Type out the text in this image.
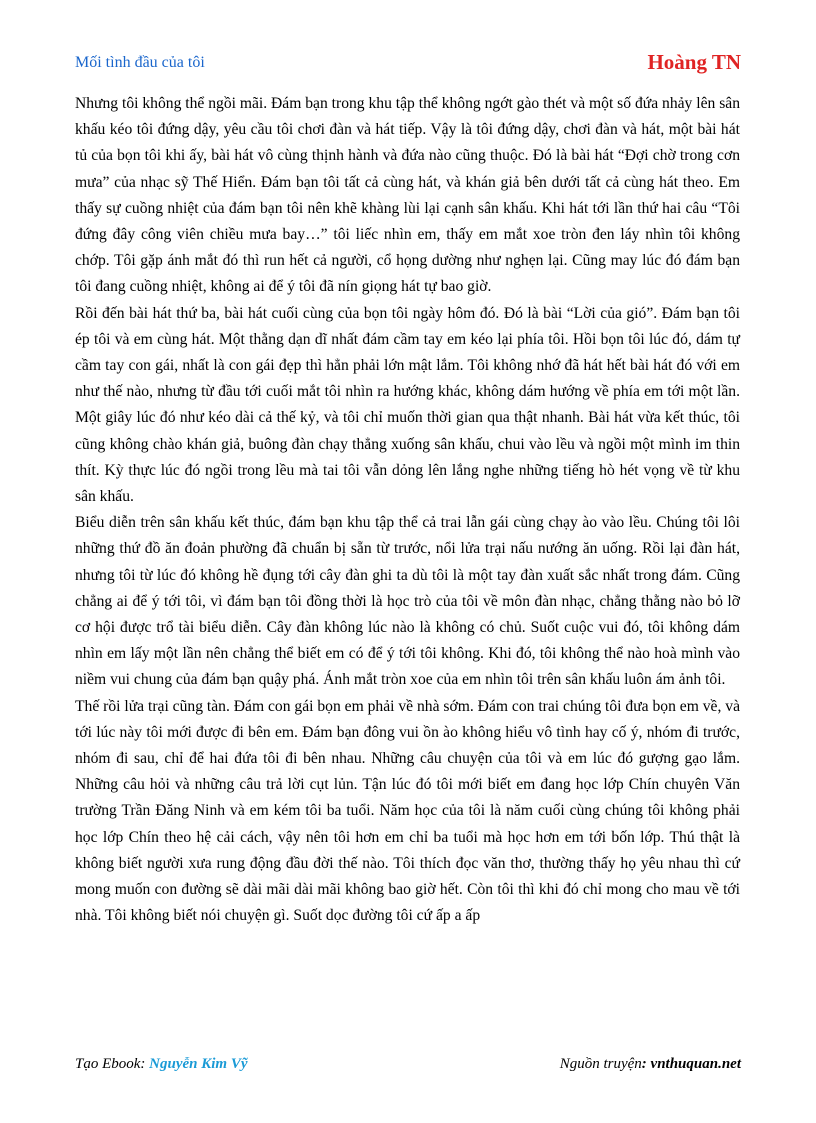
Mối tình đầu của tôi	Hoàng TN

Nhưng tôi không thể ngồi mãi. Đám bạn trong khu tập thể không ngớt gào thét và một số đứa nhảy lên sân khấu kéo tôi đứng dậy, yêu cầu tôi chơi đàn và hát tiếp. Vậy là tôi đứng dậy, chơi đàn và hát, một bài hát tủ của bọn tôi khi ấy, bài hát vô cùng thịnh hành và đứa nào cũng thuộc. Đó là bài hát “Đợi chờ trong cơn mưa” của nhạc sỹ Thế Hiển. Đám bạn tôi tất cả cùng hát, và khán giả bên dưới tất cả cùng hát theo. Em thấy sự cuồng nhiệt của đám bạn tôi nên khẽ khàng lùi lại cạnh sân khấu. Khi hát tới lần thứ hai câu “Tôi đứng đây công viên chiều mưa bay…” tôi liếc nhìn em, thấy em mắt xoe tròn đen láy nhìn tôi không chớp. Tôi gặp ánh mắt đó thì run hết cả người, cổ họng dường như nghẹn lại. Cũng may lúc đó đám bạn tôi đang cuồng nhiệt, không ai để ý tôi đã nín giọng hát tự bao giờ.

Rồi đến bài hát thứ ba, bài hát cuối cùng của bọn tôi ngày hôm đó. Đó là bài “Lời của gió”. Đám bạn tôi ép tôi và em cùng hát. Một thằng dạn dĩ nhất đám cầm tay em kéo lại phía tôi. Hồi bọn tôi lúc đó, dám tự cầm tay con gái, nhất là con gái đẹp thì hẳn phải lớn mật lắm. Tôi không nhớ đã hát hết bài hát đó với em như thế nào, nhưng từ đầu tới cuối mắt tôi nhìn ra hướng khác, không dám hướng về phía em tới một lần. Một giây lúc đó như kéo dài cả thế kỷ, và tôi chỉ muốn thời gian qua thật nhanh. Bài hát vừa kết thúc, tôi cũng không chào khán giả, buông đàn chạy thẳng xuống sân khấu, chui vào lều và ngồi một mình im thin thít. Kỳ thực lúc đó ngồi trong lều mà tai tôi vẫn dỏng lên lắng nghe những tiếng hò hét vọng về từ khu sân khấu.

Biểu diễn trên sân khấu kết thúc, đám bạn khu tập thể cả trai lẫn gái cùng chạy ào vào lều. Chúng tôi lôi những thứ đồ ăn đoản phường đã chuẩn bị sẵn từ trước, nổi lửa trại nấu nướng ăn uống. Rồi lại đàn hát, nhưng tôi từ lúc đó không hề đụng tới cây đàn ghi ta dù tôi là một tay đàn xuất sắc nhất trong đám. Cũng chẳng ai để ý tới tôi, vì đám bạn tôi đồng thời là học trò của tôi về môn đàn nhạc, chẳng thằng nào bỏ lỡ cơ hội được trổ tài biểu diễn. Cây đàn không lúc nào là không có chủ. Suốt cuộc vui đó, tôi không dám nhìn em lấy một lần nên chẳng thể biết em có để ý tới tôi không. Khi đó, tôi không thể nào hoà mình vào niềm vui chung của đám bạn quậy phá. Ánh mắt tròn xoe của em nhìn tôi trên sân khấu luôn ám ảnh tôi.

Thế rồi lửa trại cũng tàn. Đám con gái bọn em phải về nhà sớm. Đám con trai chúng tôi đưa bọn em về, và tới lúc này tôi mới được đi bên em. Đám bạn đông vui ồn ào không hiểu vô tình hay cố ý, nhóm đi trước, nhóm đi sau, chỉ để hai đứa tôi đi bên nhau. Những câu chuyện của tôi và em lúc đó gượng gạo lắm. Những câu hỏi và những câu trả lời cụt lủn. Tận lúc đó tôi mới biết em đang học lớp Chín chuyên Văn trường Trần Đăng Ninh và em kém tôi ba tuổi. Năm học của tôi là năm cuối cùng chúng tôi không phải học lớp Chín theo hệ cải cách, vậy nên tôi hơn em chỉ ba tuổi mà học hơn em tới bốn lớp. Thú thật là không biết người xưa rung động đầu đời thế nào. Tôi thích đọc văn thơ, thường thấy họ yêu nhau thì cứ mong muốn con đường sẽ dài mãi dài mãi không bao giờ hết. Còn tôi thì khi đó chỉ mong cho mau về tới nhà. Tôi không biết nói chuyện gì. Suốt dọc đường tôi cứ ấp a ấp

Tạo Ebook: Nguyễn Kim Vỹ	Nguồn truyện: vnthuquan.net
